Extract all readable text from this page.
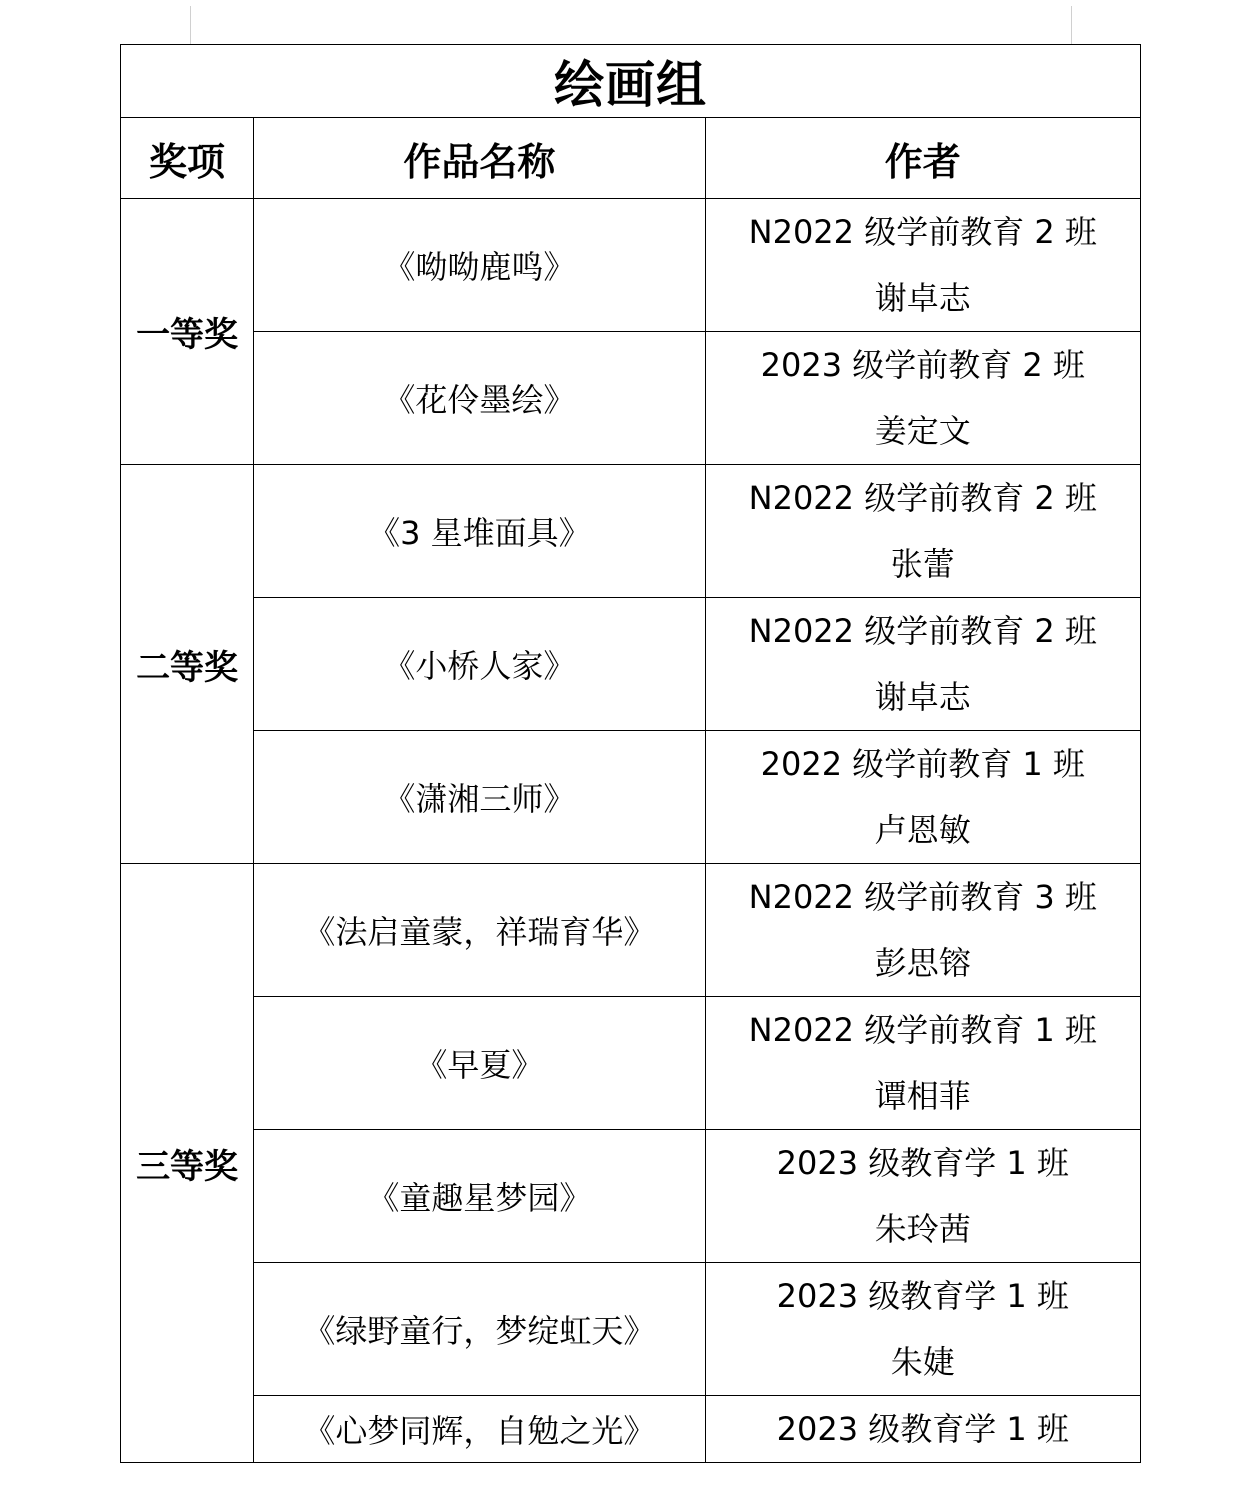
绘画组		
奖项	作品名称	作者
一等奖	《呦呦鹿鸣》	N2022 级学前教育 2 班
谢卓志

	《花伶墨绘》	2023 级学前教育 2 班
姜定文

二等奖	《3 星堆面具》	N2022 级学前教育 2 班
张蕾

	《小桥人家》	N2022 级学前教育 2 班
谢卓志

	《潇湘三师》	2022 级学前教育 1 班
卢恩敏

三等奖	《法启童蒙，祥瑞育华》	N2022 级学前教育 3 班
彭思镕

	《早夏》	N2022 级学前教育 1 班
谭相菲

	《童趣星梦园》	2023 级教育学 1 班
朱玲茜

	《绿野童行，梦绽虹天》	2023 级教育学 1 班
朱婕

	《心梦同辉，自勉之光》	2023 级教育学 1 班
